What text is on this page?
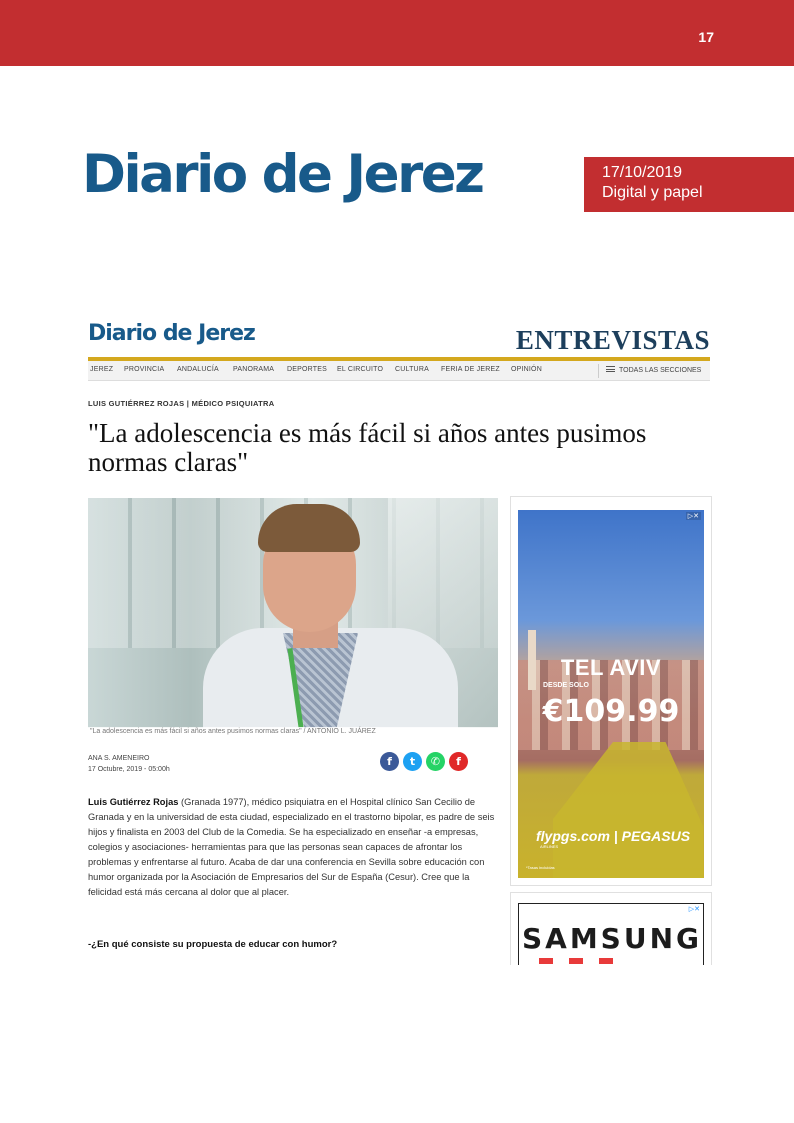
17
Diario de Jerez	17/10/2019
Digital y papel
Diario de Jerez	ENTREVISTAS
JEREZ PROVINCIA ANDALUCÍA PANORAMA DEPORTES EL CIRCUITO CULTURA FERIA DE JEREZ OPINIÓN	TODAS LAS SECCIONES
LUIS GUTIÉRREZ ROJAS | MÉDICO PSIQUIATRA
"La adolescencia es más fácil si años antes pusimos normas claras"
"La adolescencia es más fácil si años antes pusimos normas claras" / ANTONIO L. JUÁREZ
ANA S. AMENEIRO
17 Octubre, 2019 - 05:00h
f	t	✆	f
Luis Gutiérrez Rojas (Granada 1977), médico psiquiatra en el Hospital clínico San Cecilio de Granada y en la universidad de esta ciudad, especializado en el trastorno bipolar, es padre de seis hijos y finalista en 2003 del Club de la Comedia. Se ha especializado en enseñar -a empresas, colegios y asociaciones- herramientas para que las personas sean capaces de afrontar los problemas y enfrentarse al futuro. Acaba de dar una conferencia en Sevilla sobre educación con humor organizada por la Asociación de Empresarios del Sur de España (Cesur). Cree que la felicidad está más cercana al dolor que al placer.
-¿En qué consiste su propuesta de educar con humor?
▷✕
TEL AVIV
DESDE SOLO
€109.99
flypgs.com | PEGASUS
AIRLINES
*Tasas incluidas
▷✕
SAMSUNG
